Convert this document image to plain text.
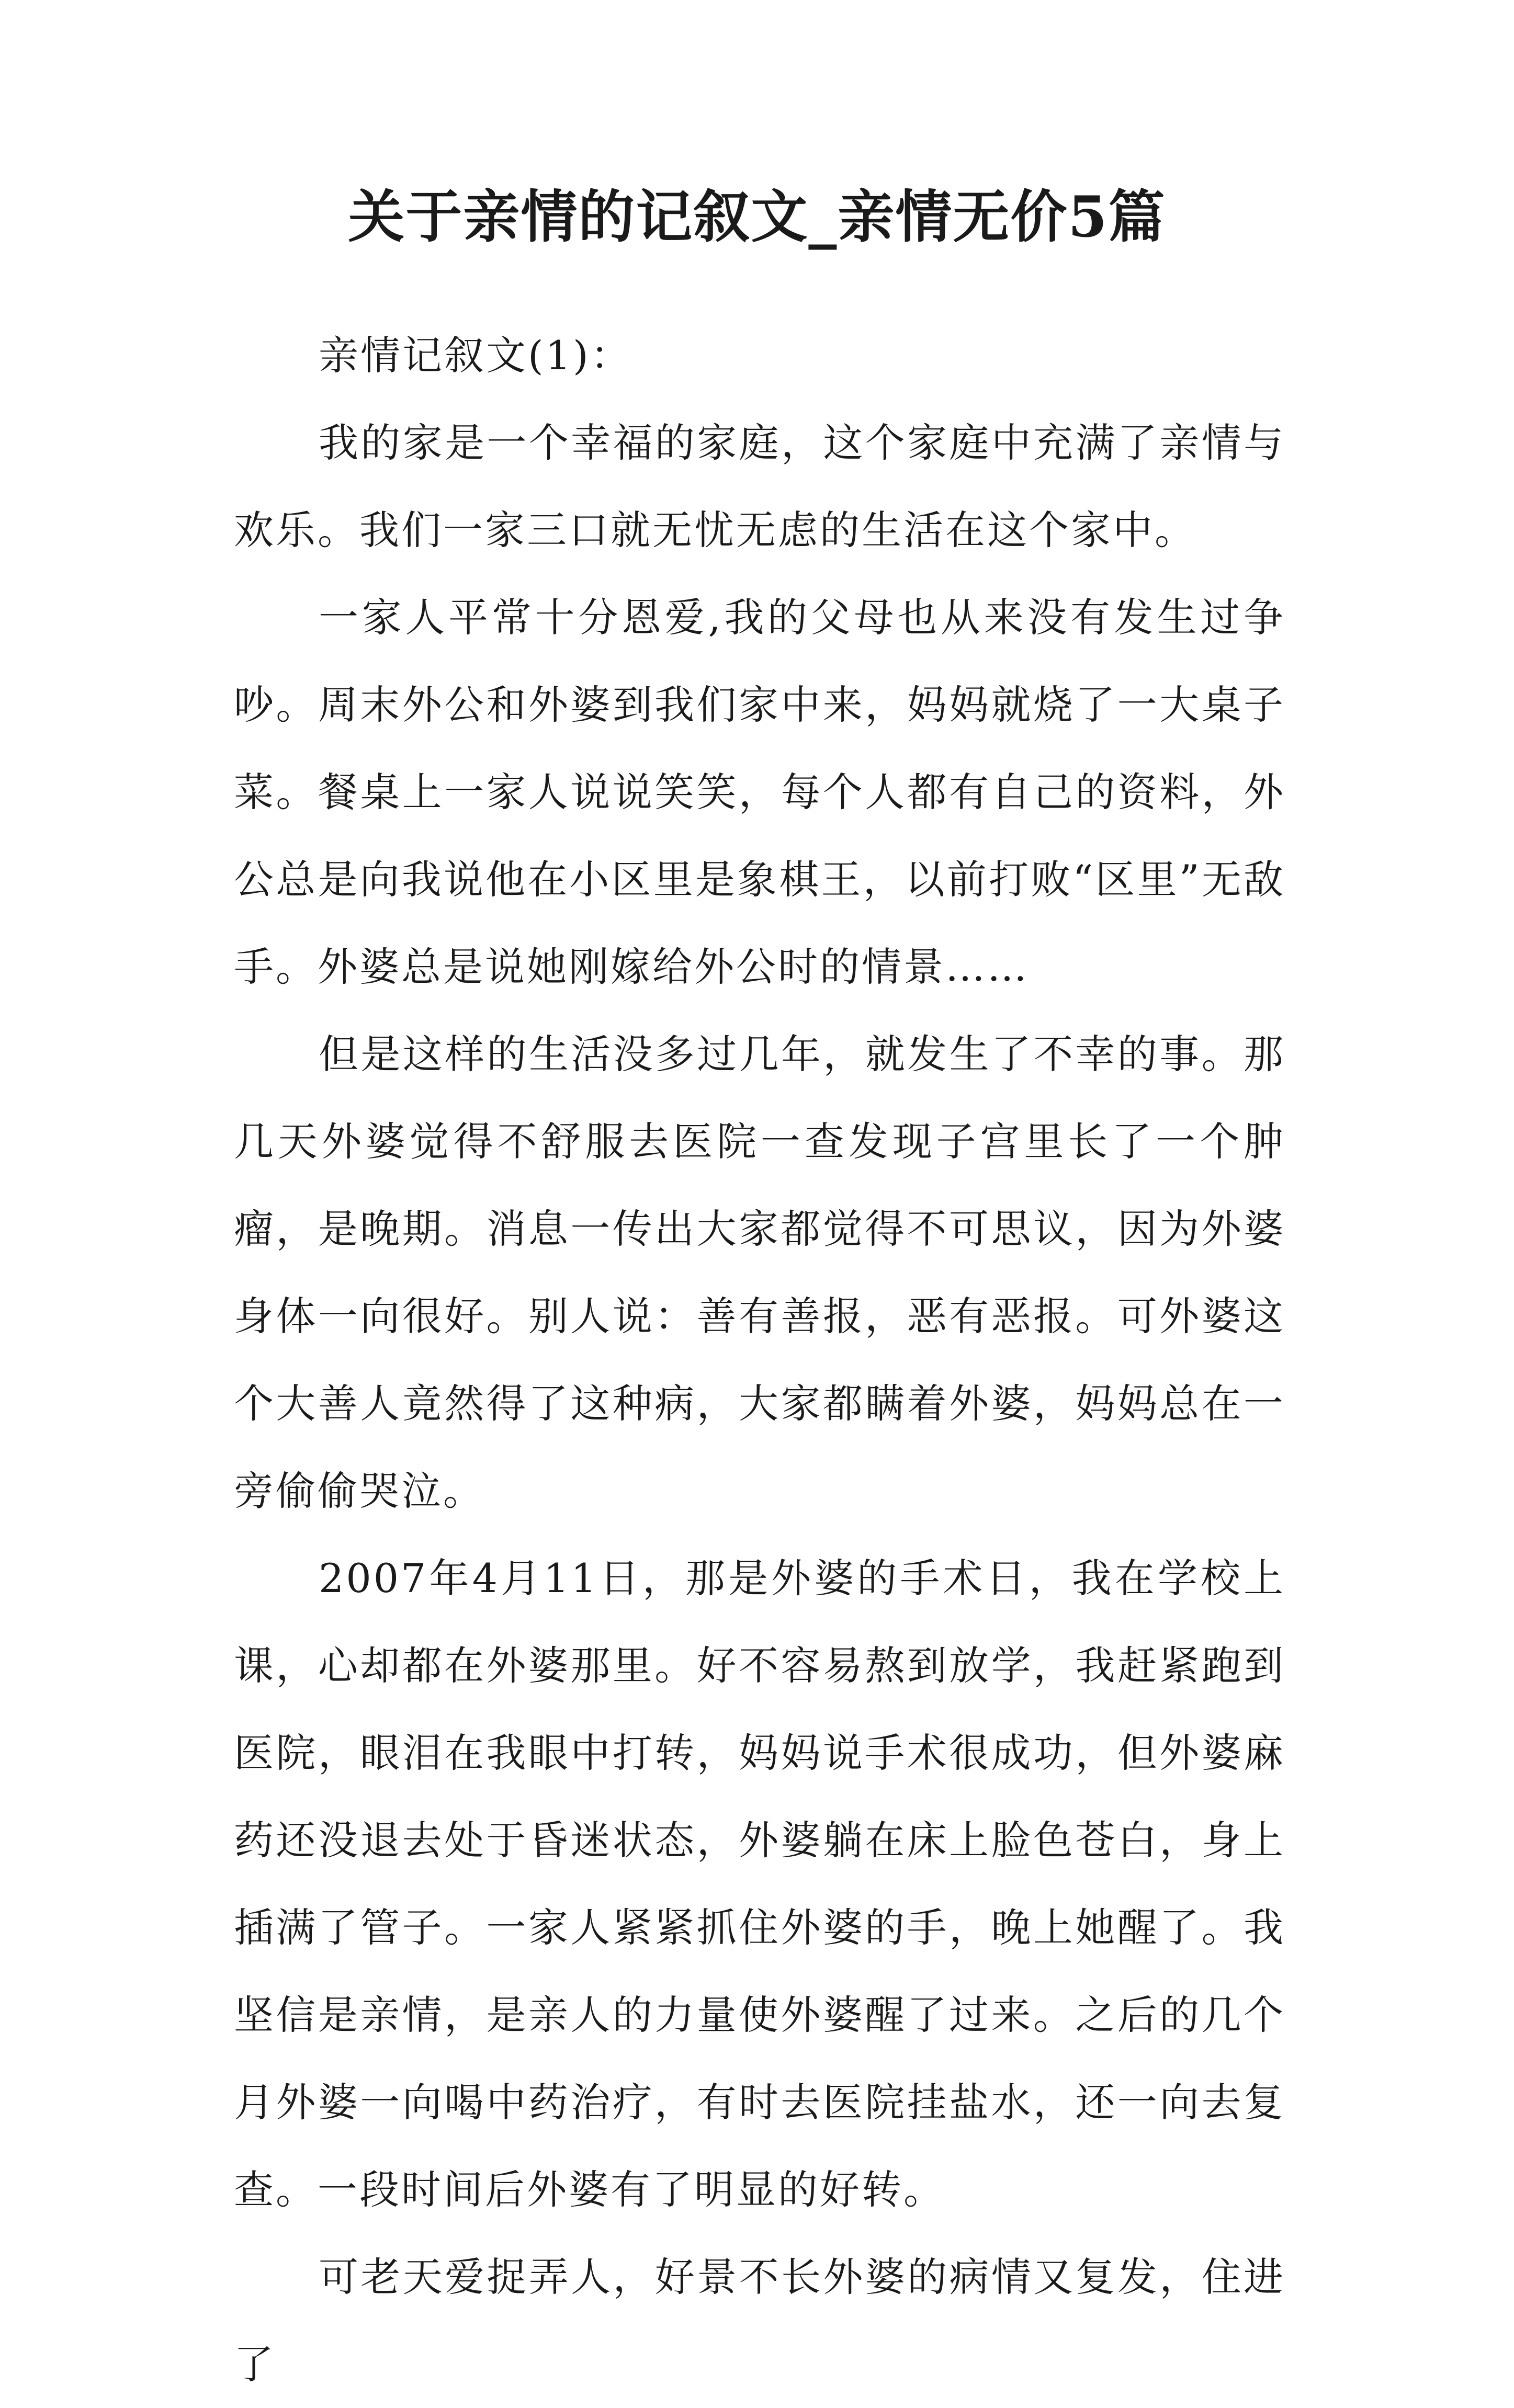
关于亲情的记叙文_亲情无价5篇

亲情记叙文(1)：

我的家是一个幸福的家庭，这个家庭中充满了亲情与欢乐。我们一家三口就无忧无虑的生活在这个家中。

一家人平常十分恩爱,我的父母也从来没有发生过争吵。周末外公和外婆到我们家中来，妈妈就烧了一大桌子菜。餐桌上一家人说说笑笑，每个人都有自己的资料，外公总是向我说他在小区里是象棋王，以前打败“区里”无敌手。外婆总是说她刚嫁给外公时的情景……

但是这样的生活没多过几年，就发生了不幸的事。那几天外婆觉得不舒服去医院一查发现子宫里长了一个肿瘤，是晚期。消息一传出大家都觉得不可思议，因为外婆身体一向很好。别人说：善有善报，恶有恶报。可外婆这个大善人竟然得了这种病，大家都瞒着外婆，妈妈总在一旁偷偷哭泣。

2007年4月11日，那是外婆的手术日，我在学校上课，心却都在外婆那里。好不容易熬到放学，我赶紧跑到医院，眼泪在我眼中打转，妈妈说手术很成功，但外婆麻药还没退去处于昏迷状态，外婆躺在床上脸色苍白，身上插满了管子。一家人紧紧抓住外婆的手，晚上她醒了。我坚信是亲情，是亲人的力量使外婆醒了过来。之后的几个月外婆一向喝中药治疗，有时去医院挂盐水，还一向去复查。一段时间后外婆有了明显的好转。

可老天爱捉弄人，好景不长外婆的病情又复发，住进了
